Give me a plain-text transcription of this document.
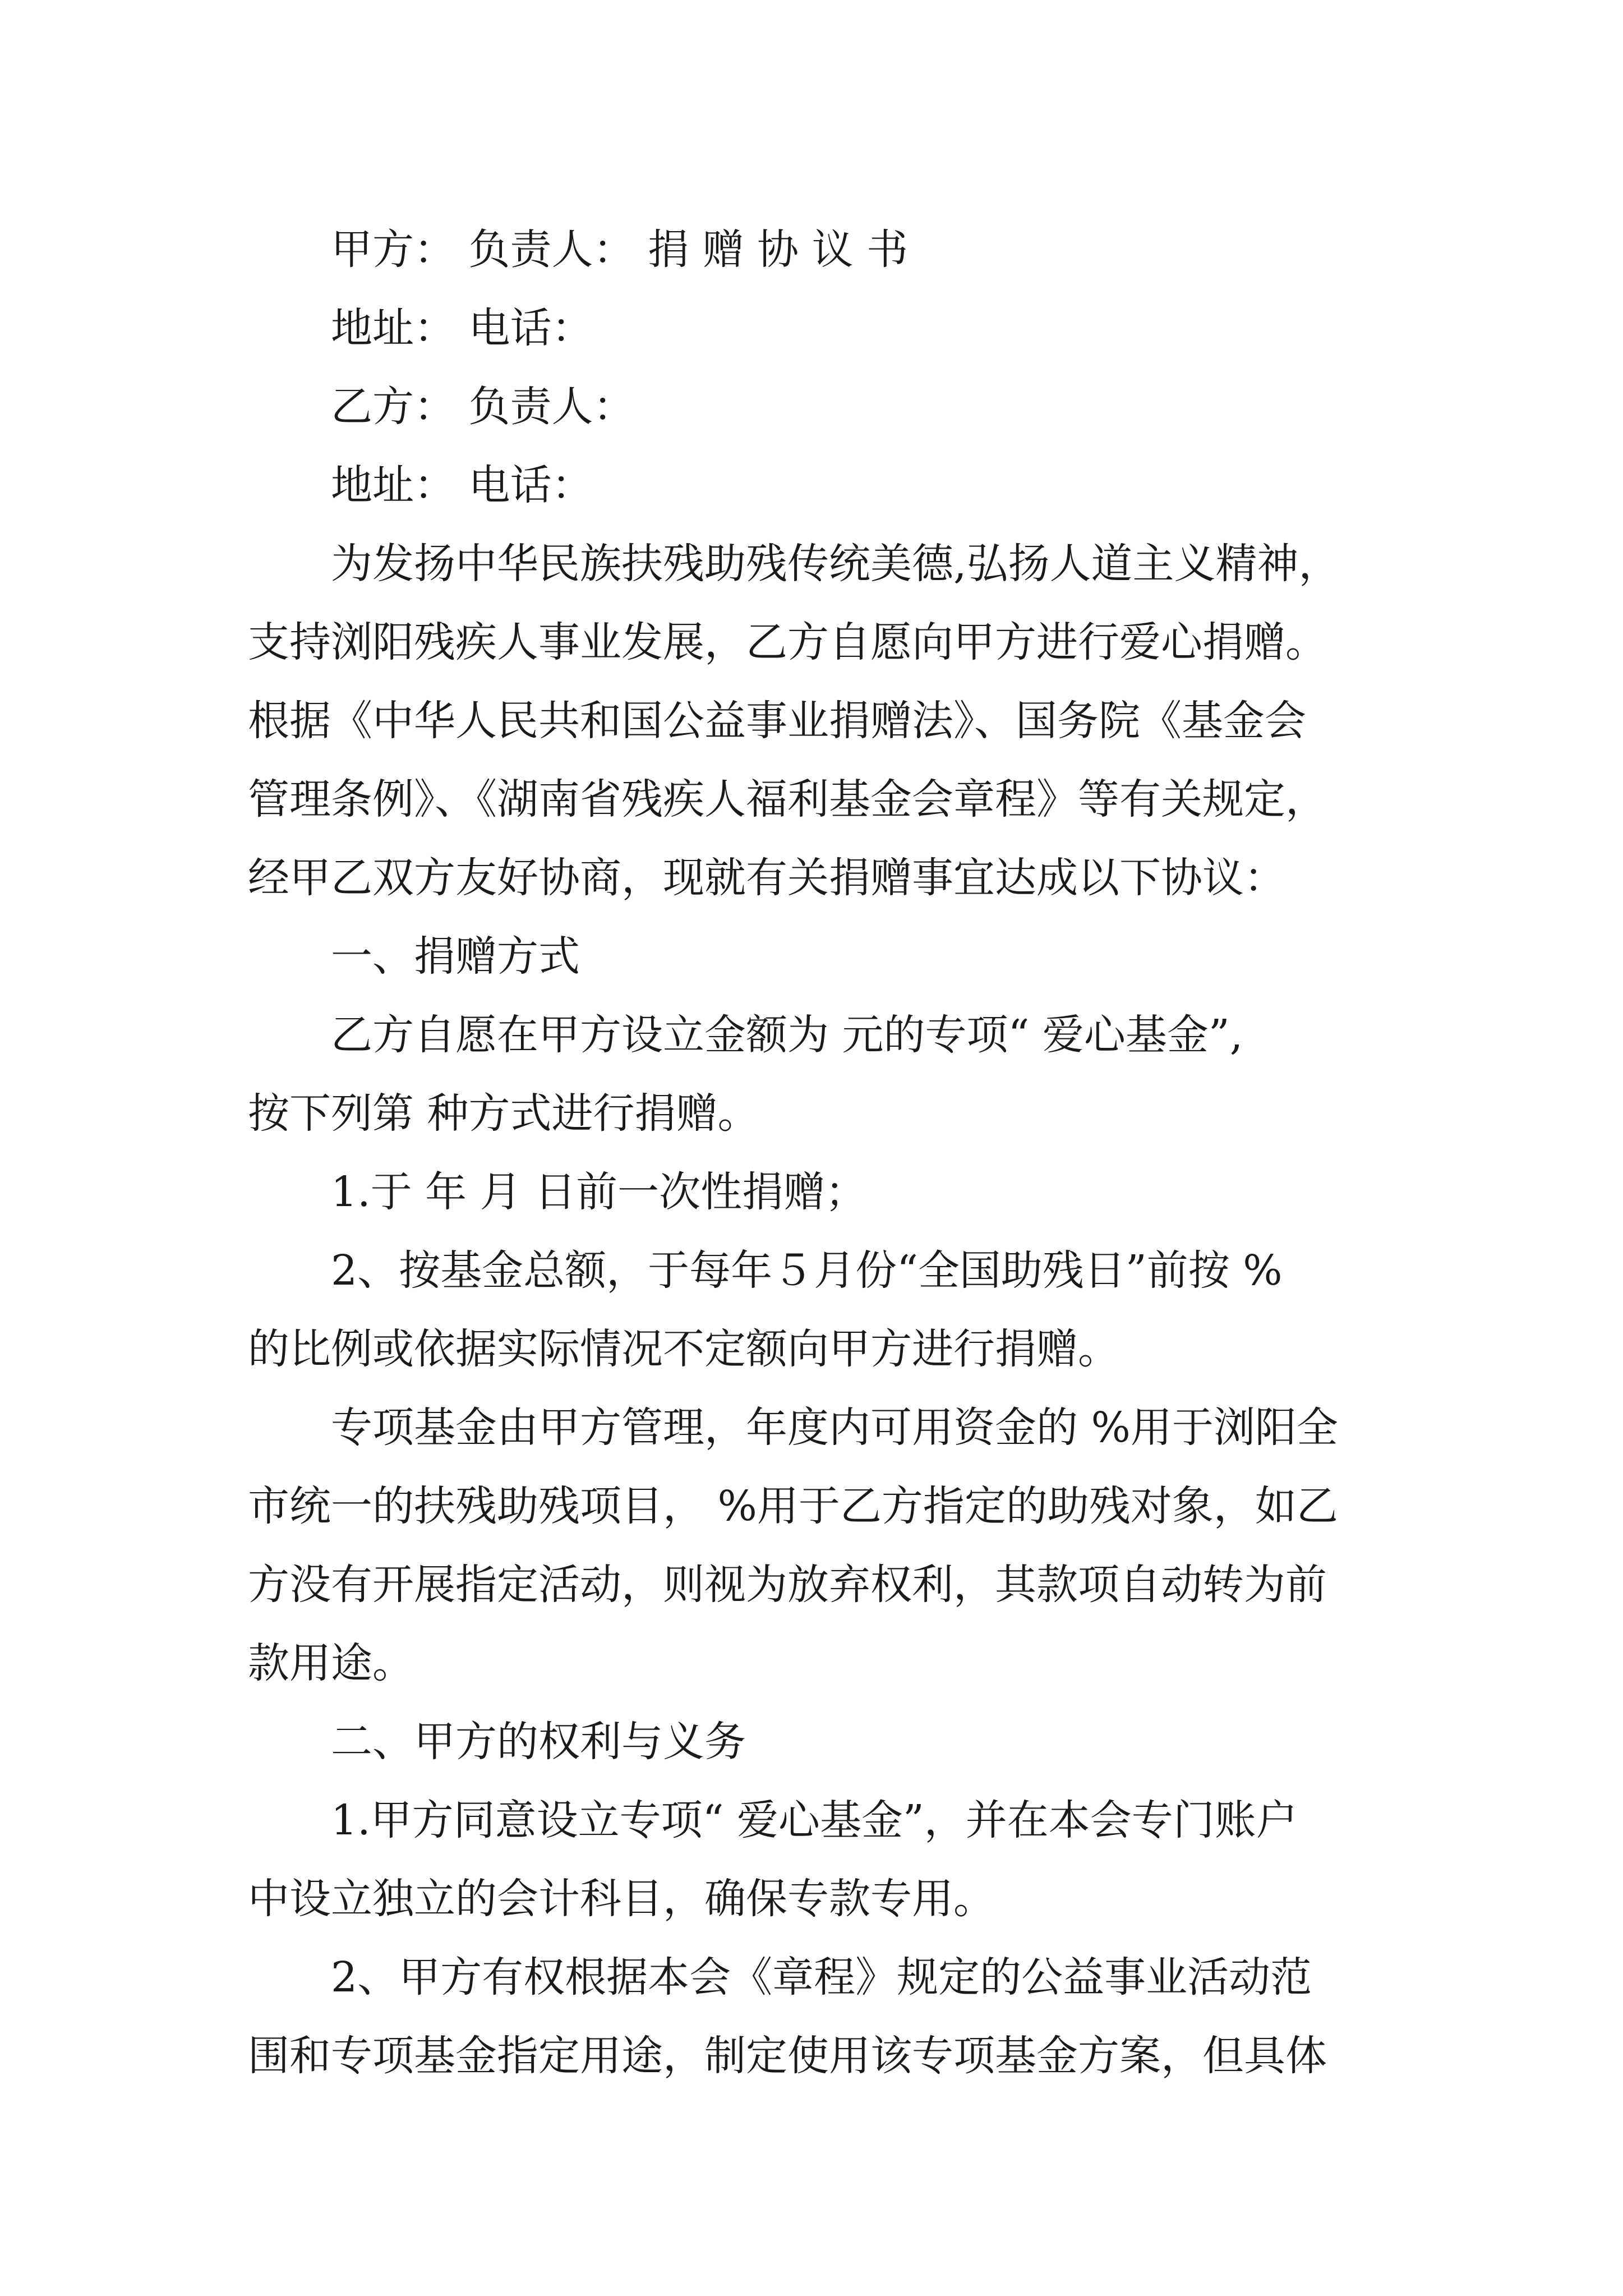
甲方： 负责人： 捐 赠 协 议 书
地址： 电话：
乙方： 负责人：
地址： 电话：
为发扬中华民族扶残助残传统美德,弘扬人道主义精神，
支持浏阳残疾人事业发展，乙方自愿向甲方进行爱心捐赠。
根据《中华人民共和国公益事业捐赠法》、国务院《基金会
管理条例》、《湖南省残疾人福利基金会章程》等有关规定，
经甲乙双方友好协商，现就有关捐赠事宜达成以下协议：
一、捐赠方式
乙方自愿在甲方设立金额为 元的专项“ 爱心基金”,
按下列第 种方式进行捐赠。
1.于 年 月 日前一次性捐赠；
2、按基金总额，于每年５月份“全国助残日”前按 %
的比例或依据实际情况不定额向甲方进行捐赠。
专项基金由甲方管理，年度内可用资金的 %用于浏阳全
市统一的扶残助残项目， %用于乙方指定的助残对象，如乙
方没有开展指定活动，则视为放弃权利，其款项自动转为前
款用途。
二、甲方的权利与义务
1.甲方同意设立专项“ 爱心基金”，并在本会专门账户
中设立独立的会计科目，确保专款专用。
2、甲方有权根据本会《章程》规定的公益事业活动范
围和专项基金指定用途，制定使用该专项基金方案，但具体
